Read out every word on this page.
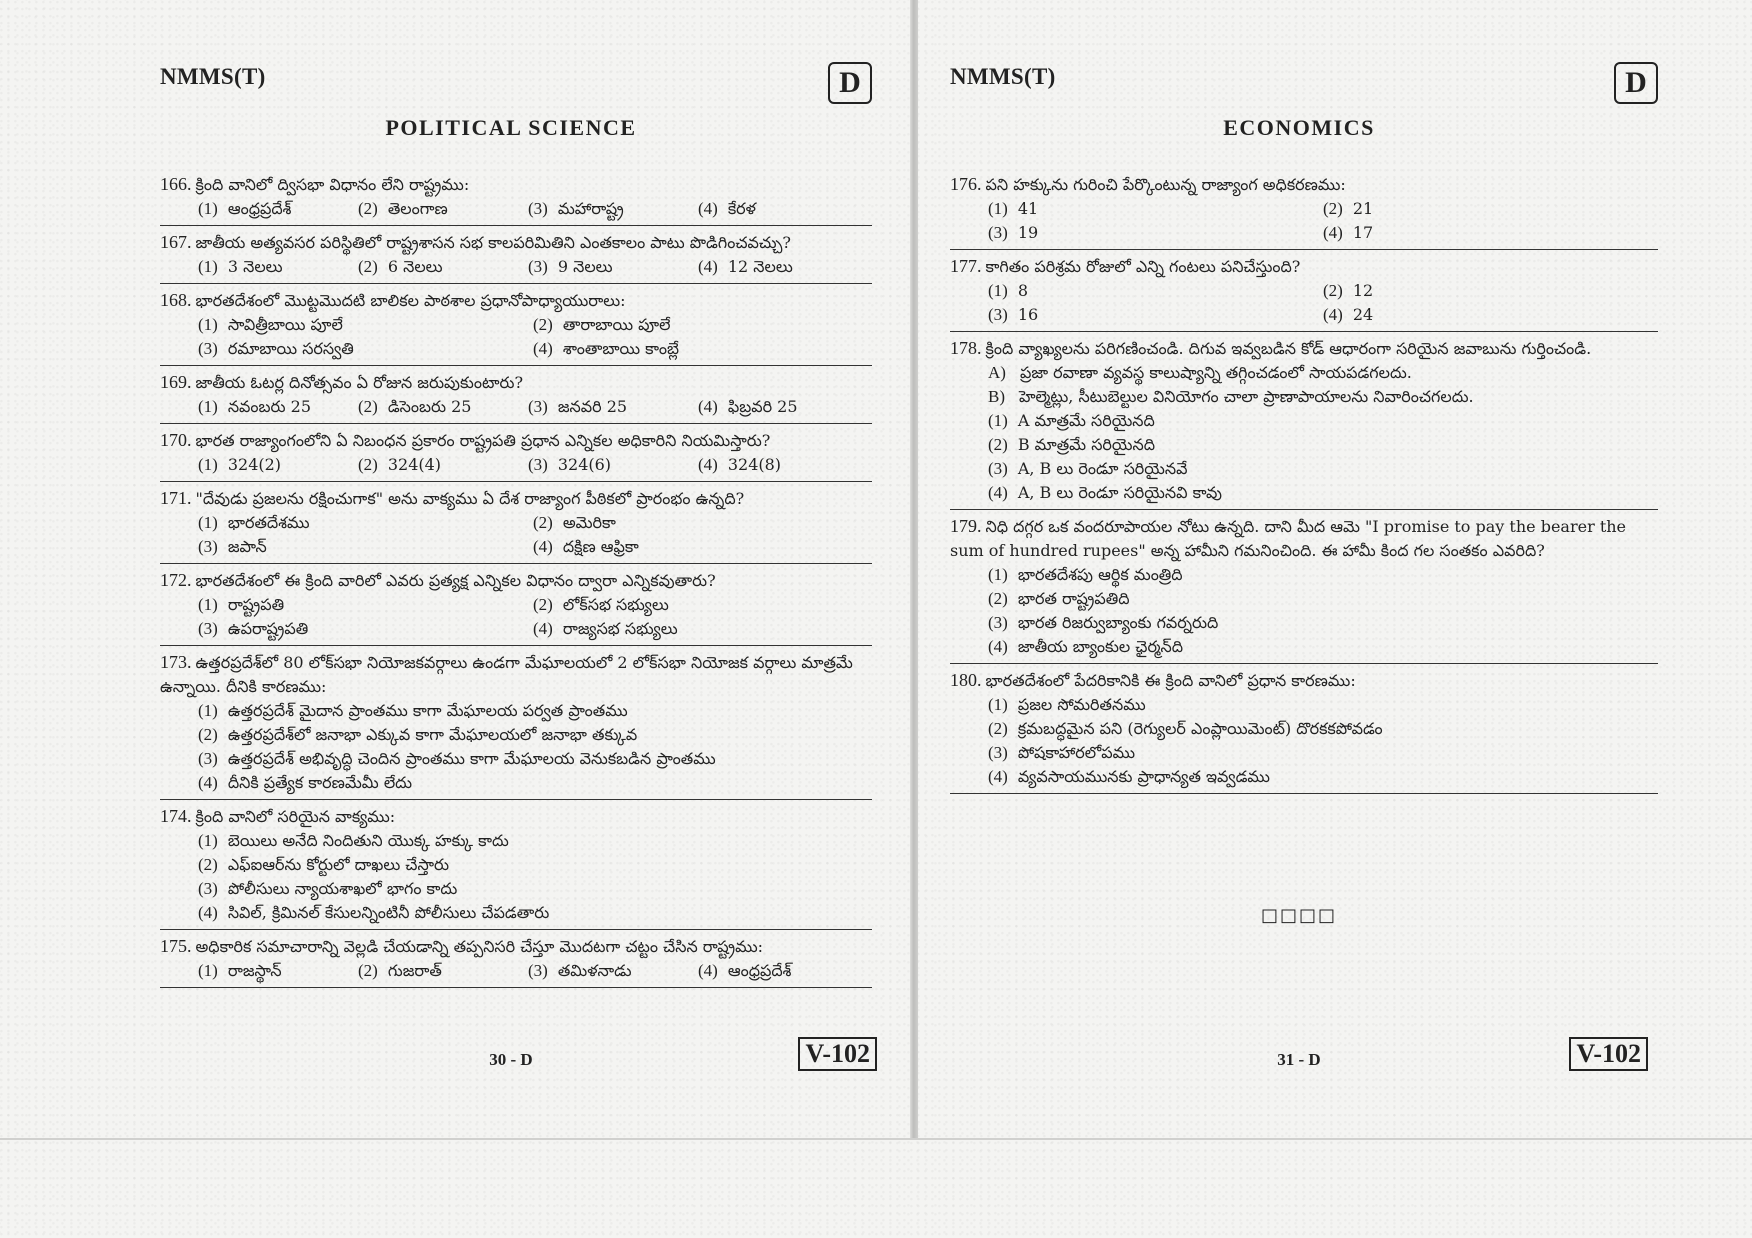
NMMS(T)	D
POLITICAL SCIENCE
166. క్రింది వానిలో ద్విసభా విధానం లేని రాష్ట్రము:
(1) ఆంధ్రప్రదేశ్	(2) తెలంగాణ	(3) మహారాష్ట్ర	(4) కేరళ
167. జాతీయ అత్యవసర పరిస్థితిలో రాష్ట్రశాసన సభ కాలపరిమితిని ఎంతకాలం పాటు పొడిగించవచ్చు?
(1) 3 నెలలు	(2) 6 నెలలు	(3) 9 నెలలు	(4) 12 నెలలు
168. భారతదేశంలో మొట్టమొదటి బాలికల పాఠశాల ప్రధానోపాధ్యాయురాలు:
(1) సావిత్రీబాయి పూలే	(2) తారాబాయి పూలే
(3) రమాబాయి సరస్వతి	(4) శాంతాబాయి కాంబ్లే
169. జాతీయ ఓటర్ల దినోత్సవం ఏ రోజున జరుపుకుంటారు?
(1) నవంబరు 25	(2) డిసెంబరు 25	(3) జనవరి 25	(4) ఫిబ్రవరి 25
170. భారత రాజ్యాంగంలోని ఏ నిబంధన ప్రకారం రాష్ట్రపతి ప్రధాన ఎన్నికల అధికారిని నియమిస్తారు?
(1) 324(2)	(2) 324(4)	(3) 324(6)	(4) 324(8)
171. "దేవుడు ప్రజలను రక్షించుగాక" అను వాక్యము ఏ దేశ రాజ్యాంగ పీఠికలో ప్రారంభం ఉన్నది?
(1) భారతదేశము	(2) అమెరికా
(3) జపాన్	(4) దక్షిణ ఆఫ్రికా
172. భారతదేశంలో ఈ క్రింది వారిలో ఎవరు ప్రత్యక్ష ఎన్నికల విధానం ద్వారా ఎన్నికవుతారు?
(1) రాష్ట్రపతి	(2) లోక్‌సభ సభ్యులు
(3) ఉపరాష్ట్రపతి	(4) రాజ్యసభ సభ్యులు
173. ఉత్తరప్రదేశ్‌లో 80 లోక్‌సభా నియోజకవర్గాలు ఉండగా మేఘాలయలో 2 లోక్‌సభా నియోజక వర్గాలు మాత్రమే ఉన్నాయి. దీనికి కారణము:
(1) ఉత్తరప్రదేశ్ మైదాన ప్రాంతము కాగా మేఘాలయ పర్వత ప్రాంతము
(2) ఉత్తరప్రదేశ్‌లో జనాభా ఎక్కువ కాగా మేఘాలయలో జనాభా తక్కువ
(3) ఉత్తరప్రదేశ్ అభివృద్ధి చెందిన ప్రాంతము కాగా మేఘాలయ వెనుకబడిన ప్రాంతము
(4) దీనికి ప్రత్యేక కారణమేమీ లేదు
174. క్రింది వానిలో సరియైన వాక్యము:
(1) బెయిలు అనేది నిందితుని యొక్క హక్కు కాదు
(2) ఎఫ్ఐఆర్‌ను కోర్టులో దాఖలు చేస్తారు
(3) పోలీసులు న్యాయశాఖలో భాగం కాదు
(4) సివిల్, క్రిమినల్ కేసులన్నింటినీ పోలీసులు చేపడతారు
175. అధికారిక సమాచారాన్ని వెల్లడి చేయడాన్ని తప్పనిసరి చేస్తూ మొదటగా చట్టం చేసిన రాష్ట్రము:
(1) రాజస్థాన్	(2) గుజరాత్	(3) తమిళనాడు	(4) ఆంధ్రప్రదేశ్
30 - D	V-102
NMMS(T)	D
ECONOMICS
176. పని హక్కును గురించి పేర్కొంటున్న రాజ్యాంగ అధికరణము:
(1) 41	(2) 21
(3) 19	(4) 17
177. కాగితం పరిశ్రమ రోజులో ఎన్ని గంటలు పనిచేస్తుంది?
(1) 8	(2) 12
(3) 16	(4) 24
178. క్రింది వ్యాఖ్యలను పరిగణించండి. దిగువ ఇవ్వబడిన కోడ్ ఆధారంగా సరియైన జవాబును గుర్తించండి.
A) ప్రజా రవాణా వ్యవస్థ కాలుష్యాన్ని తగ్గించడంలో సాయపడగలదు.
B) హెల్మెట్లు, సీటుబెల్టుల వినియోగం చాలా ప్రాణాపాయాలను నివారించగలదు.
(1) A మాత్రమే సరియైనది
(2) B మాత్రమే సరియైనది
(3) A, B లు రెండూ సరియైనవే
(4) A, B లు రెండూ సరియైనవి కావు
179. నిధి దగ్గర ఒక వందరూపాయల నోటు ఉన్నది. దాని మీద ఆమె "I promise to pay the bearer the sum of hundred rupees" అన్న హామీని గమనించింది. ఈ హామీ కింద గల సంతకం ఎవరిది?
(1) భారతదేశపు ఆర్థిక మంత్రిది
(2) భారత రాష్ట్రపతిది
(3) భారత రిజర్వుబ్యాంకు గవర్నరుది
(4) జాతీయ బ్యాంకుల ఛైర్మన్‌ది
180. భారతదేశంలో పేదరికానికి ఈ క్రింది వానిలో ప్రధాన కారణము:
(1) ప్రజల సోమరితనము
(2) క్రమబద్ధమైన పని (రెగ్యులర్ ఎంప్లాయిమెంట్) దొరకకపోవడం
(3) పోషకాహారలోపము
(4) వ్యవసాయమునకు ప్రాధాన్యత ఇవ్వడము
□□□□
31 - D	V-102
